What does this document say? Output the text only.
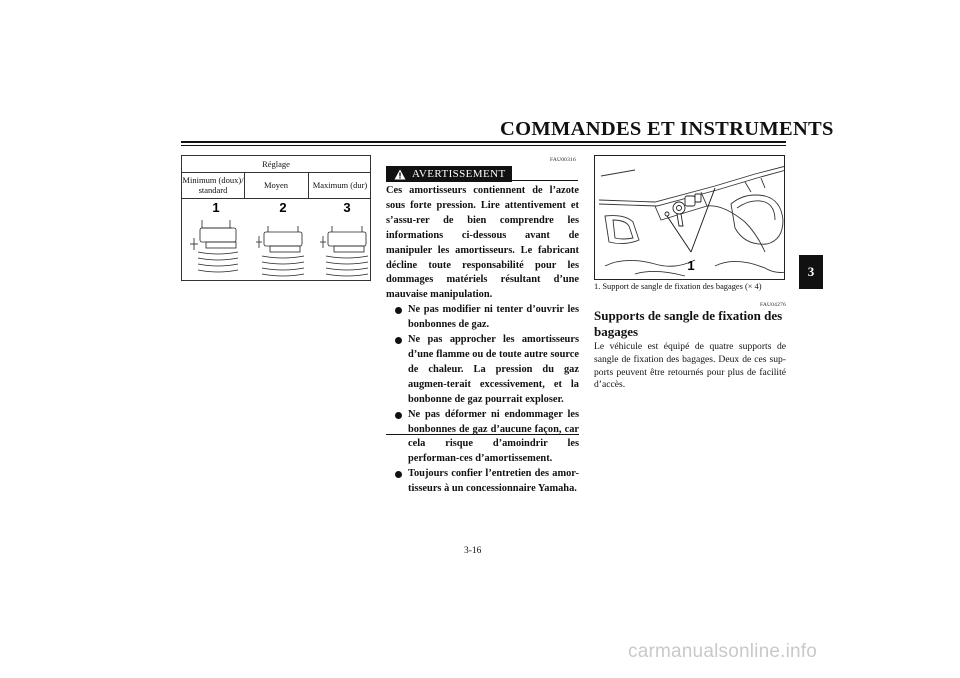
COMMANDES ET INSTRUMENTS
3
Réglage
Minimum (doux)/
standard	Moyen	Maximum (dur)
1	2	3
FAU00316
AVERTISSEMENT

Ces amortisseurs contiennent de l’azote sous forte pression. Lire attentivement et s’assu-rer de bien comprendre les informations ci-dessous avant de manipuler les amortisseurs. Le fabricant décline toute responsabilité pour les dommages matériels résultant d’une mauvaise manipulation.

Ne pas modifier ni tenter d’ouvrir les bonbonnes de gaz.
Ne pas approcher les amortisseurs d’une flamme ou de toute autre source de chaleur. La pression du gaz augmen-terait excessivement, et la bonbonne de gaz pourrait exploser.
Ne pas déformer ni endommager les bonbonnes de gaz d’aucune façon, car cela risque d’amoindrir les performan-ces d’amortissement.
Toujours confier l’entretien des amor-tisseurs à un concessionnaire Yamaha.
1
1. Support de sangle de fixation des bagages (× 4)
FAU04276
Supports de sangle de fixation des bagages
Le véhicule est équipé de quatre supports de sangle de fixation des bagages. Deux de ces sup-ports peuvent être retournés pour plus de facilité d’accès.
3-16
carmanualsonline.info
